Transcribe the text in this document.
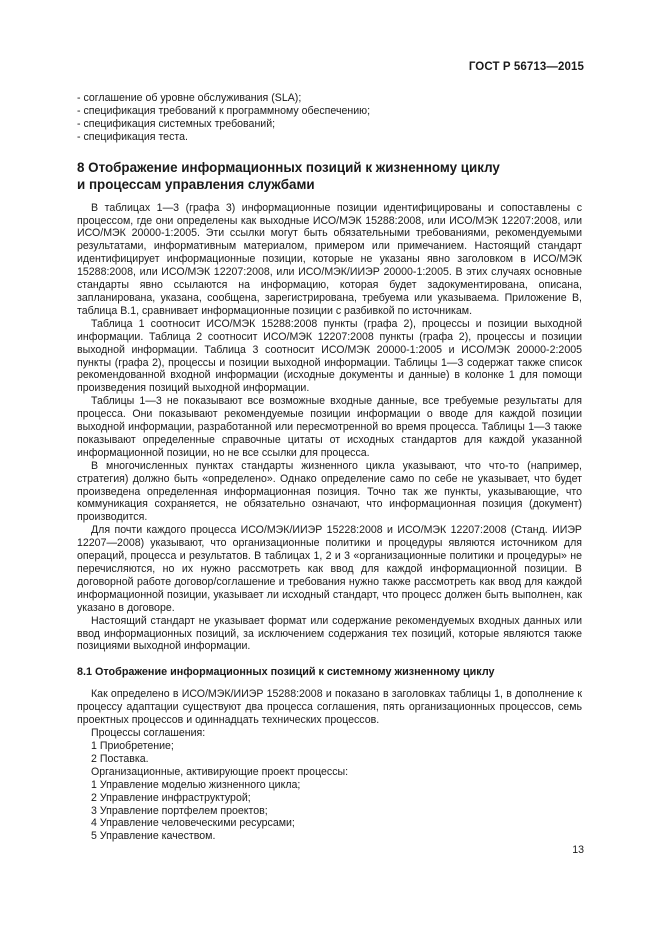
ГОСТ Р 56713—2015
- соглашение об уровне обслуживания (SLA);
- спецификация требований к программному обеспечению;
- спецификация системных требований;
- спецификация теста.
8 Отображение информационных позиций к жизненному циклу
и процессам управления службами

В таблицах 1—3 (графа 3) информационные позиции идентифицированы и сопоставлены с процессом, где они определены как выходные ИСО/МЭК 15288:2008, или ИСО/МЭК 12207:2008, или ИСО/МЭК 20000-1:2005. Эти ссылки могут быть обязательными требованиями, рекомендуемыми результатами, информативным материалом, примером или примечанием. Настоящий стандарт идентифицирует информационные позиции, которые не указаны явно заголовком в ИСО/МЭК 15288:2008, или ИСО/МЭК 12207:2008, или ИСО/МЭК/ИИЭР 20000-1:2005. В этих случаях основные стандарты явно ссылаются на информацию, которая будет задокументирована, описана, запланирована, указана, сообщена, зарегистрирована, требуема или указываема. Приложение В, таблица В.1, сравнивает информационные позиции с разбивкой по источникам.

Таблица 1 соотносит ИСО/МЭК 15288:2008 пункты (графа 2), процессы и позиции выходной информации. Таблица 2 соотносит ИСО/МЭК 12207:2008 пункты (графа 2), процессы и позиции выходной информации. Таблица 3 соотносит ИСО/МЭК 20000-1:2005 и ИСО/МЭК 20000-2:2005 пункты (графа 2), процессы и позиции выходной информации. Таблицы 1—3 содержат также список рекомендованной входной информации (исходные документы и данные) в колонке 1 для помощи произведения позиций выходной информации.

Таблицы 1—3 не показывают все возможные входные данные, все требуемые результаты для процесса. Они показывают рекомендуемые позиции информации о вводе для каждой позиции выходной информации, разработанной или пересмотренной во время процесса. Таблицы 1—3 также показывают определенные справочные цитаты от исходных стандартов для каждой указанной информационной позиции, но не все ссылки для процесса.

В многочисленных пунктах стандарты жизненного цикла указывают, что что-то (например, стратегия) должно быть «определено». Однако определение само по себе не указывает, что будет произведена определенная информационная позиция. Точно так же пункты, указывающие, что коммуникация сохраняется, не обязательно означают, что информационная позиция (документ) производится.

Для почти каждого процесса ИСО/МЭК/ИИЭР 15228:2008 и ИСО/МЭК 12207:2008 (Станд. ИИЭР 12207—2008) указывают, что организационные политики и процедуры являются источником для операций, процесса и результатов. В таблицах 1, 2 и 3 «организационные политики и процедуры» не перечисляются, но их нужно рассмотреть как ввод для каждой информационной позиции. В договорной работе договор/соглашение и требования нужно также рассмотреть как ввод для каждой информационной позиции, указывает ли исходный стандарт, что процесс должен быть выполнен, как указано в договоре.

Настоящий стандарт не указывает формат или содержание рекомендуемых входных данных или ввод информационных позиций, за исключением содержания тех позиций, которые являются также позициями выходной информации.

8.1 Отображение информационных позиций к системному жизненному циклу

Как определено в ИСО/МЭК/ИИЭР 15288:2008 и показано в заголовках таблицы 1, в дополнение к процессу адаптации существуют два процесса соглашения, пять организационных процессов, семь проектных процессов и одиннадцать технических процессов.

Процессы соглашения:
1 Приобретение;
2 Поставка.
Организационные, активирующие проект процессы:
1 Управление моделью жизненного цикла;
2 Управление инфраструктурой;
3 Управление портфелем проектов;
4 Управление человеческими ресурсами;
5 Управление качеством.
13
